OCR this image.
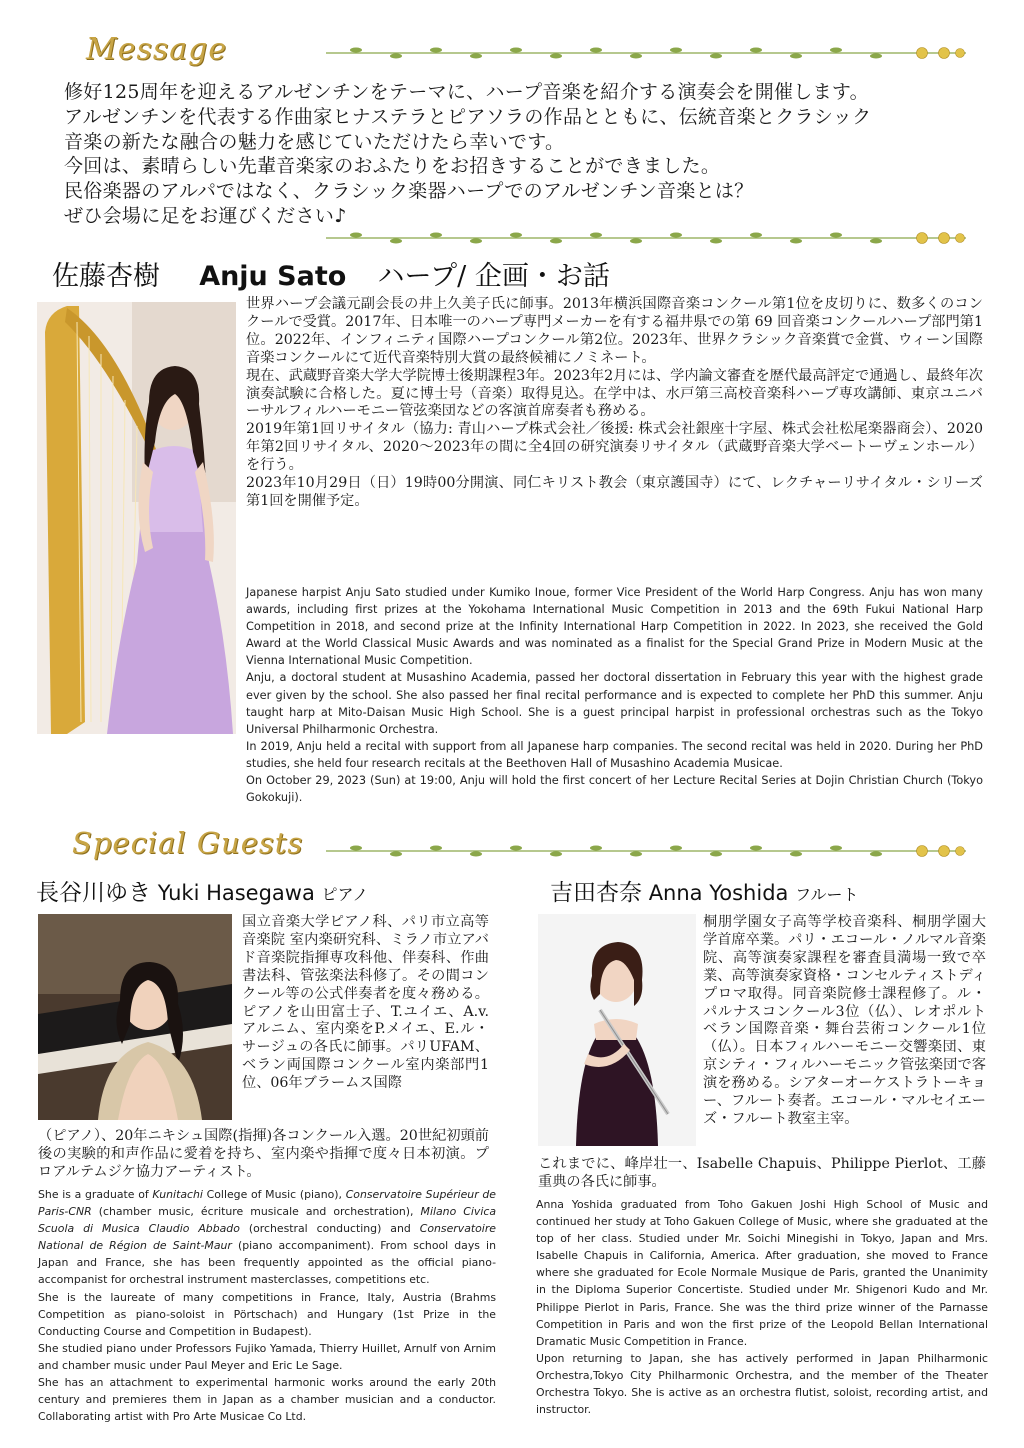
Message
修好125周年を迎えるアルゼンチンをテーマに、ハープ音楽を紹介する演奏会を開催します。
アルゼンチンを代表する作曲家ヒナステラとピアソラの作品とともに、伝統音楽とクラシック
音楽の新たな融合の魅力を感じていただけたら幸いです。
今回は、素晴らしい先輩音楽家のおふたりをお招きすることができました。
民俗楽器のアルパではなく、クラシック楽器ハープでのアルゼンチン音楽とは？
ぜひ会場に足をお運びください♪
佐藤杏樹 Anju Sato ハープ/ 企画・お話

世界ハープ会議元副会長の井上久美子氏に師事。2013年横浜国際音楽コンクール第1位を皮切りに、数多くのコンクールで受賞。2017年、日本唯一のハープ専門メーカーを有する福井県での第 69 回音楽コンクールハープ部門第1位。2022年、インフィニティ国際ハープコンクール第2位。2023年、世界クラシック音楽賞で金賞、ウィーン国際音楽コンクールにて近代音楽特別大賞の最終候補にノミネート。

現在、武蔵野音楽大学大学院博士後期課程3年。2023年2月には、学内論文審査を歴代最高評定で通過し、最終年次演奏試験に合格した。夏に博士号（音楽）取得見込。在学中は、水戸第三高校音楽科ハープ専攻講師、東京ユニバーサルフィルハーモニー管弦楽団などの客演首席奏者も務める。

2019年第1回リサイタル（協力: 青山ハープ株式会社／後援: 株式会社銀座十字屋、株式会社松尾楽器商会）、2020年第2回リサイタル、2020～2023年の間に全4回の研究演奏リサイタル（武蔵野音楽大学ベートーヴェンホール）を行う。

2023年10月29日（日）19時00分開演、同仁キリスト教会（東京護国寺）にて、レクチャーリサイタル・シリーズ第1回を開催予定。

Japanese harpist Anju Sato studied under Kumiko Inoue, former Vice President of the World Harp Congress. Anju has won many awards, including first prizes at the Yokohama International Music Competition in 2013 and the 69th Fukui National Harp Competition in 2018, and second prize at the Infinity International Harp Competition in 2022. In 2023, she received the Gold Award at the World Classical Music Awards and was nominated as a finalist for the Special Grand Prize in Modern Music at the Vienna International Music Competition.

Anju, a doctoral student at Musashino Academia, passed her doctoral dissertation in February this year with the highest grade ever given by the school. She also passed her final recital performance and is expected to complete her PhD this summer. Anju taught harp at Mito-Daisan Music High School. She is a guest principal harpist in professional orchestras such as the Tokyo Universal Philharmonic Orchestra.

In 2019, Anju held a recital with support from all Japanese harp companies. The second recital was held in 2020. During her PhD studies, she held four research recitals at the Beethoven Hall of Musashino Academia Musicae.

On October 29, 2023 (Sun) at 19:00, Anju will hold the first concert of her Lecture Recital Series at Dojin Christian Church (Tokyo Gokokuji).

Special Guests
長谷川ゆき Yuki Hasegawa ピアノ

国立音楽大学ピアノ科、パリ市立高等音楽院 室内楽研究科、ミラノ市立アバド音楽院指揮専攻科他、伴奏科、作曲書法科、管弦楽法科修了。その間コンクール等の公式伴奏者を度々務める。ピアノを山田富士子、T.ユイエ、A.v.アルニム、室内楽をP.メイエ、E.ル・サージュの各氏に師事。パリUFAM、ベラン両国際コンクール室内楽部門1位、06年ブラームス国際

（ピアノ）、20年ニキシュ国際(指揮)各コンクール入選。20世紀初頭前後の実験的和声作品に愛着を持ち、室内楽や指揮で度々日本初演。プロアルテムジケ協力アーティスト。

She is a graduate of Kunitachi College of Music (piano), Conservatoire Supérieur de Paris-CNR (chamber music, écriture musicale and orchestration), Milano Civica Scuola di Musica Claudio Abbado (orchestral conducting) and Conservatoire National de Région de Saint-Maur (piano accompaniment). From school days in Japan and France, she has been frequently appointed as the official piano-accompanist for orchestral instrument masterclasses, competitions etc.

She is the laureate of many competitions in France, Italy, Austria (Brahms Competition as piano-soloist in Pörtschach) and Hungary (1st Prize in the Conducting Course and Competition in Budapest).

She studied piano under Professors Fujiko Yamada, Thierry Huillet, Arnulf von Arnim and chamber music under Paul Meyer and Eric Le Sage.

She has an attachment to experimental harmonic works around the early 20th century and premieres them in Japan as a chamber musician and a conductor. Collaborating artist with Pro Arte Musicae Co Ltd.

吉田杏奈 Anna Yoshida フルート

桐朋学園女子高等学校音楽科、桐朋学園大学首席卒業。パリ・エコール・ノルマル音楽院、高等演奏家課程を審査員満場一致で卒業、高等演奏家資格・コンセルティストディプロマ取得。同音楽院修士課程修了。ル・パルナスコンクール3位（仏）、レオポルトベラン国際音楽・舞台芸術コンクール1位（仏）。日本フィルハーモニー交響楽団、東京シティ・フィルハーモニック管弦楽団で客演を務める。シアターオーケストラトーキョー、フルート奏者。エコール・マルセイエーズ・フルート教室主宰。

これまでに、峰岸壮一、Isabelle Chapuis、Philippe Pierlot、工藤重典の各氏に師事。

Anna Yoshida graduated from Toho Gakuen Joshi High School of Music and continued her study at Toho Gakuen College of Music, where she graduated at the top of her class. Studied under Mr. Soichi Minegishi in Tokyo, Japan and Mrs. Isabelle Chapuis in California, America. After graduation, she moved to France where she graduated for Ecole Normale Musique de Paris, granted the Unanimity in the Diploma Superior Concertiste. Studied under Mr. Shigenori Kudo and Mr. Philippe Pierlot in Paris, France. She was the third prize winner of the Parnasse Competition in Paris and won the first prize of the Leopold Bellan International Dramatic Music Competition in France.

Upon returning to Japan, she has actively performed in Japan Philharmonic Orchestra,Tokyo City Philharmonic Orchestra, and the member of the Theater Orchestra Tokyo. She is active as an orchestra flutist, soloist, recording artist, and instructor.
